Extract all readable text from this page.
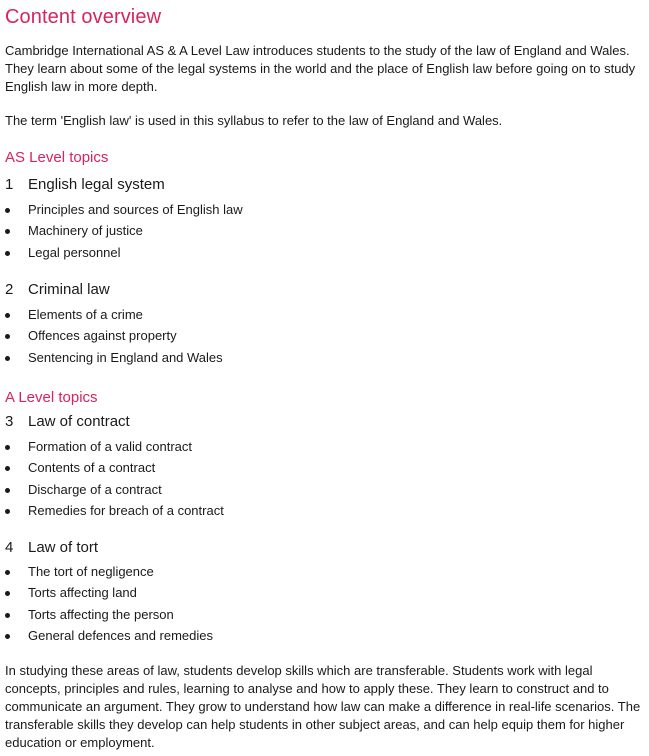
Content overview

Cambridge International AS & A Level Law introduces students to the study of the law of England and Wales. They learn about some of the legal systems in the world and the place of English law before going on to study English law in more depth.

The term 'English law' is used in this syllabus to refer to the law of England and Wales.

AS Level topics
1 English legal system
Principles and sources of English law
Machinery of justice
Legal personnel
2 Criminal law
Elements of a crime
Offences against property
Sentencing in England and Wales
A Level topics
3 Law of contract
Formation of a valid contract
Contents of a contract
Discharge of a contract
Remedies for breach of a contract
4 Law of tort
The tort of negligence
Torts affecting land
Torts affecting the person
General defences and remedies

In studying these areas of law, students develop skills which are transferable. Students work with legal concepts, principles and rules, learning to analyse and how to apply these. They learn to construct and to communicate an argument. They grow to understand how law can make a difference in real-life scenarios. The transferable skills they develop can help students in other subject areas, and can help equip them for higher education or employment.
